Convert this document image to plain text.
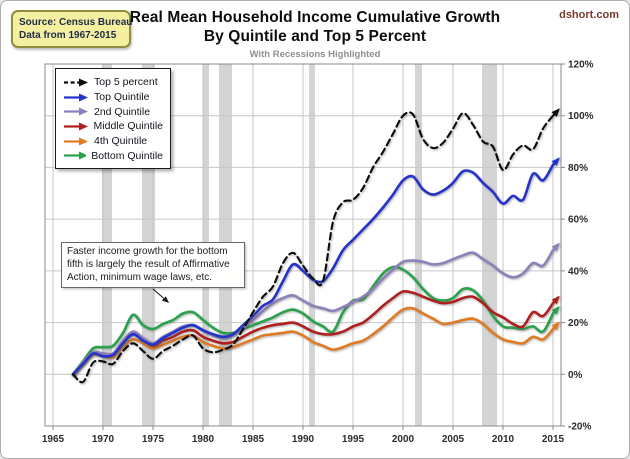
1965	1970	1975	1980	1985	1990	1995	2000	2005	2010	2015
-20%
0%
20%
40%
60%
80%
100%
120%
Source: Census Bureau
Data from 1967-2015
Real Mean Household Income Cumulative Growth
By Quintile and Top 5 Percent
With Recessions Highlighted
dshort.com
Top 5 percent
Top Quintile
2nd Quintile
Middle Quintile
4th Quintile
Bottom Quintile
Faster income growth for the bottom
fifth is largely the result of Affirmative
Action, minimum wage laws, etc.
